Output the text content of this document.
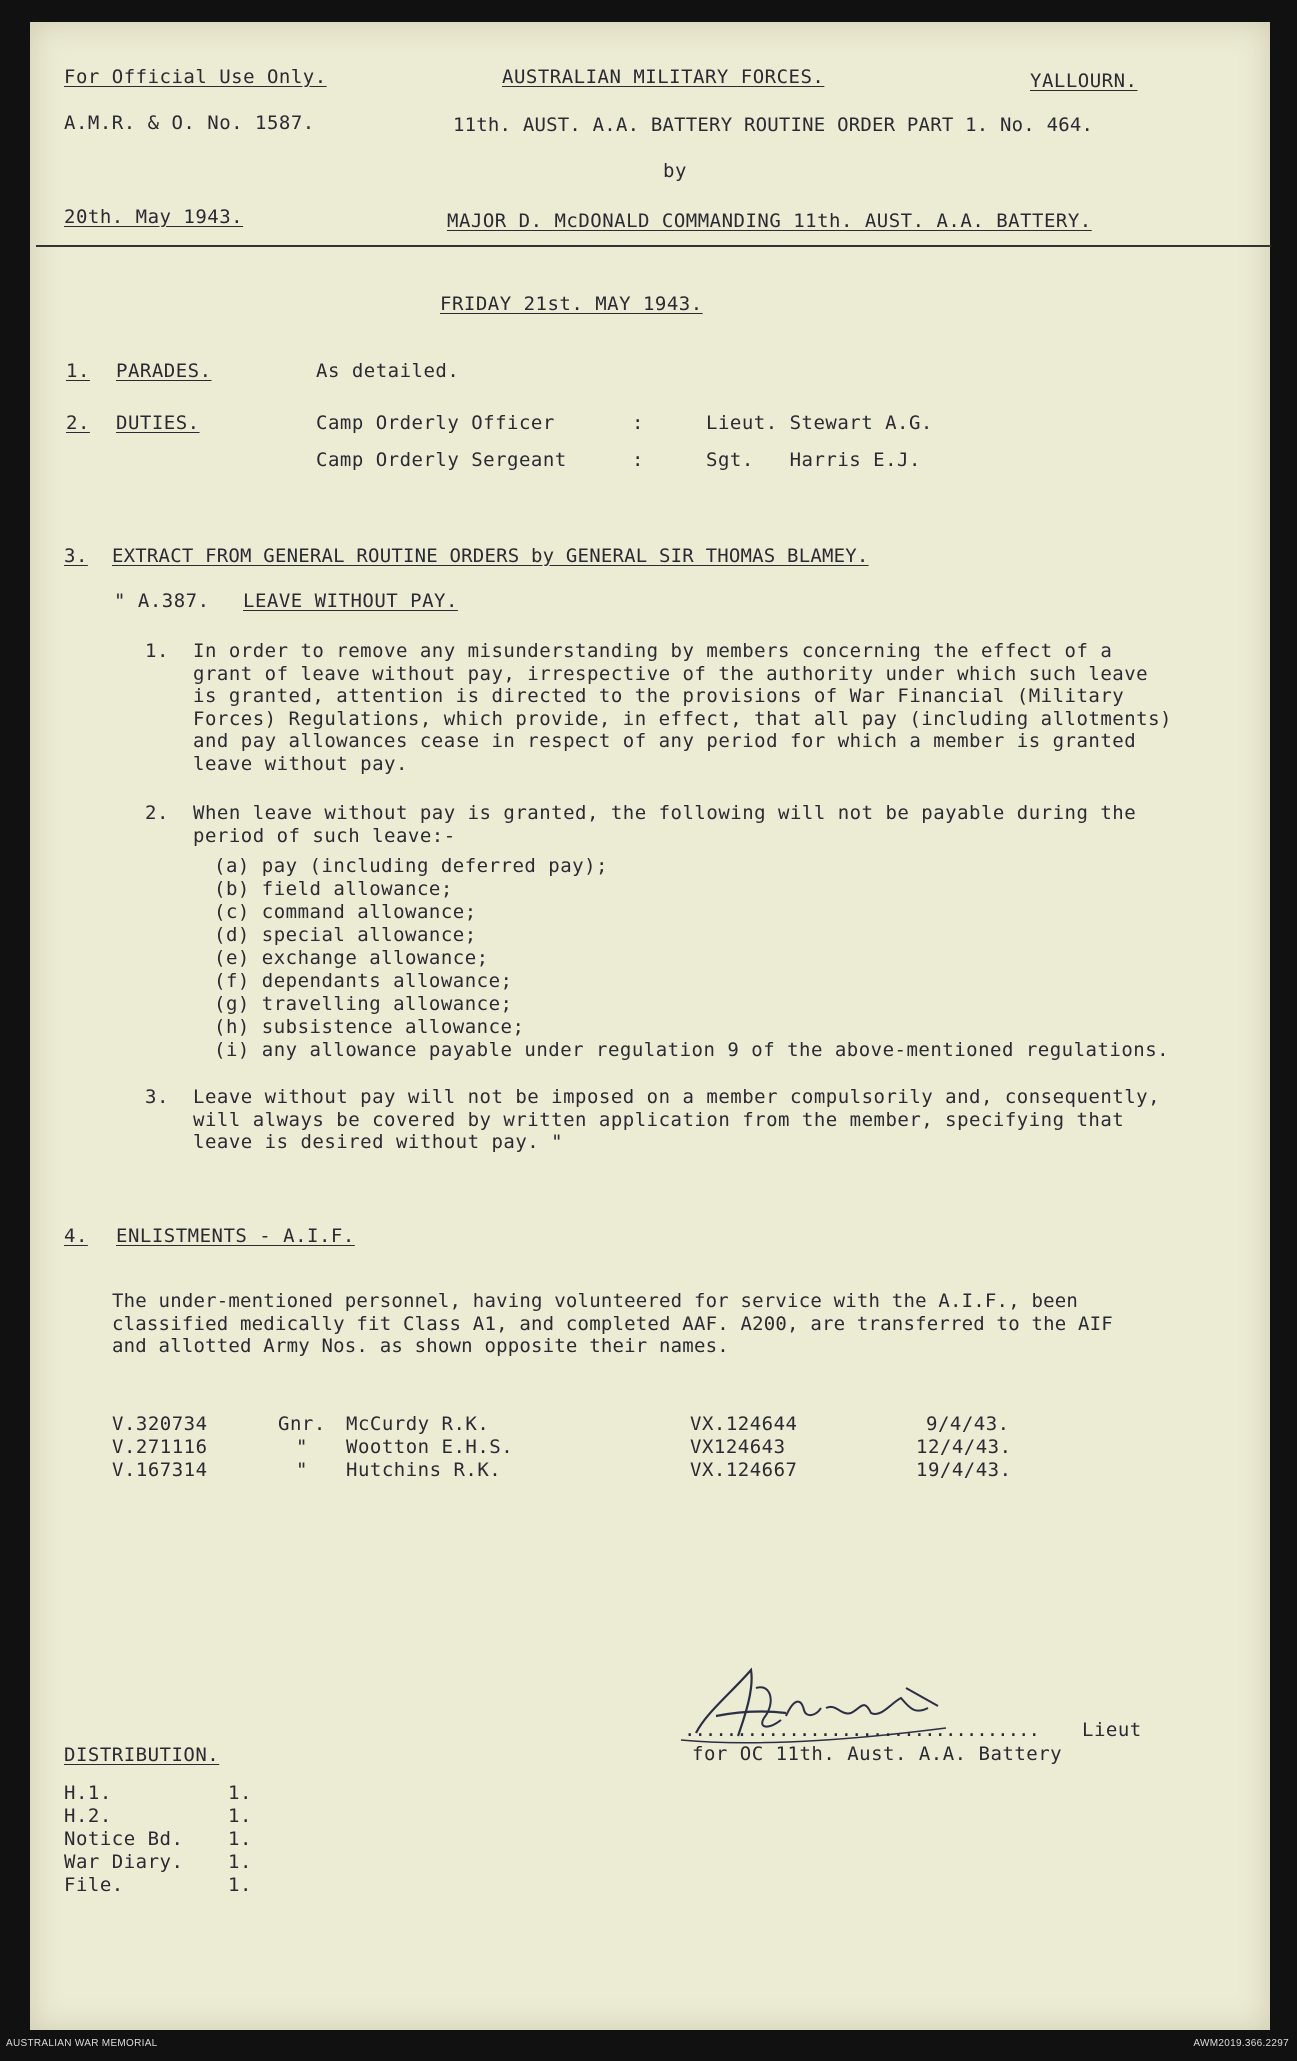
For Official Use Only.
A.M.R. & O. No. 1587.
20th. May 1943.
AUSTRALIAN MILITARY FORCES.	YALLOURN.
11th. AUST. A.A. BATTERY ROUTINE ORDER PART 1. No. 464.
by
MAJOR D. McDONALD COMMANDING 11th. AUST. A.A. BATTERY.
FRIDAY 21st. MAY 1943.
1. PARADES.	As detailed.
2. DUTIES.	Camp Orderly Officer	:	Lieut. Stewart A.G.
Camp Orderly Sergeant	:	Sgt.   Harris E.J.
3. EXTRACT FROM GENERAL ROUTINE ORDERS by GENERAL SIR THOMAS BLAMEY.
" A.387. LEAVE WITHOUT PAY.
1. In order to remove any misunderstanding by members concerning the effect of a
grant of leave without pay, irrespective of the authority under which such leave
is granted, attention is directed to the provisions of War Financial (Military
Forces) Regulations, which provide, in effect, that all pay (including allotments)
and pay allowances cease in respect of any period for which a member is granted
leave without pay.
2. When leave without pay is granted, the following will not be payable during the
period of such leave:-
(a) pay (including deferred pay);
(b) field allowance;
(c) command allowance;
(d) special allowance;
(e) exchange allowance;
(f) dependants allowance;
(g) travelling allowance;
(h) subsistence allowance;
(i) any allowance payable under regulation 9 of the above-mentioned regulations.
3. Leave without pay will not be imposed on a member compulsorily and, consequently,
will always be covered by written application from the member, specifying that
leave is desired without pay. "
4. ENLISTMENTS - A.I.F.
The under-mentioned personnel, having volunteered for service with the A.I.F., been
classified medically fit Class A1, and completed AAF. A200, are transferred to the AIF
and allotted Army Nos. as shown opposite their names.
V.320734	Gnr. McCurdy R.K.	VX.124644	9/4/43.
V.271116	" Wootton E.H.S.	VX124643	12/4/43.
V.167314	" Hutchins R.K.	VX.124667	19/4/43.
.................................. Lieut
for OC 11th. Aust. A.A. Battery
DISTRIBUTION.
H.1.	1.
H.2.	1.
Notice Bd. 1.
War Diary. 1.
File.	1.
AUSTRALIAN WAR MEMORIAL	AWM2019.366.2297
